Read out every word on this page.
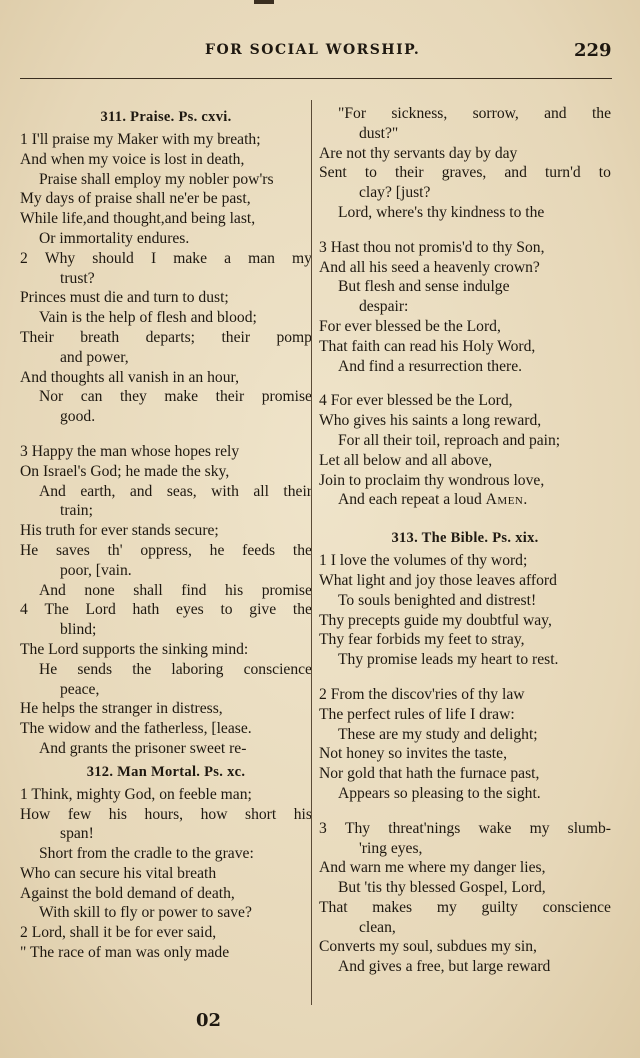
FOR SOCIAL WORSHIP.	229
311. Praise. Ps. cxvi.
1 I'll praise my Maker with my breath;
And when my voice is lost in death,
Praise shall employ my nobler pow'rs
My days of praise shall ne'er be past,
While life,and thought,and being last,
Or immortality endures.
2 Why should I make a man my
trust?
Princes must die and turn to dust;
Vain is the help of flesh and blood;
Their breath departs; their pomp
and power,
And thoughts all vanish in an hour,
Nor can they make their promise
good.
3 Happy the man whose hopes rely
On Israel's God; he made the sky,
And earth, and seas, with all their
train;
His truth for ever stands secure;
He saves th' oppress, he feeds the
poor, [vain.
And none shall find his promise
4 The Lord hath eyes to give the
blind;
The Lord supports the sinking mind:
He sends the laboring conscience
peace,
He helps the stranger in distress,
The widow and the fatherless, [lease.
And grants the prisoner sweet re-
312. Man Mortal. Ps. xc.
1 Think, mighty God, on feeble man;
How few his hours, how short his
span!
Short from the cradle to the grave:
Who can secure his vital breath
Against the bold demand of death,
With skill to fly or power to save?
2 Lord, shall it be for ever said,
" The race of man was only made
"For sickness, sorrow, and the
dust?"
Are not thy servants day by day
Sent to their graves, and turn'd to
clay? [just?
Lord, where's thy kindness to the
3 Hast thou not promis'd to thy Son,
And all his seed a heavenly crown?
But flesh and sense indulge
despair:
For ever blessed be the Lord,
That faith can read his Holy Word,
And find a resurrection there.
4 For ever blessed be the Lord,
Who gives his saints a long reward,
For all their toil, reproach and pain;
Let all below and all above,
Join to proclaim thy wondrous love,
And each repeat a loud Amen.
313. The Bible. Ps. xix.
1 I love the volumes of thy word;
What light and joy those leaves afford
To souls benighted and distrest!
Thy precepts guide my doubtful way,
Thy fear forbids my feet to stray,
Thy promise leads my heart to rest.
2 From the discov'ries of thy law
The perfect rules of life I draw:
These are my study and delight;
Not honey so invites the taste,
Nor gold that hath the furnace past,
Appears so pleasing to the sight.
3 Thy threat'nings wake my slumb-
'ring eyes,
And warn me where my danger lies,
But 'tis thy blessed Gospel, Lord,
That makes my guilty conscience
clean,
Converts my soul, subdues my sin,
And gives a free, but large reward
02
